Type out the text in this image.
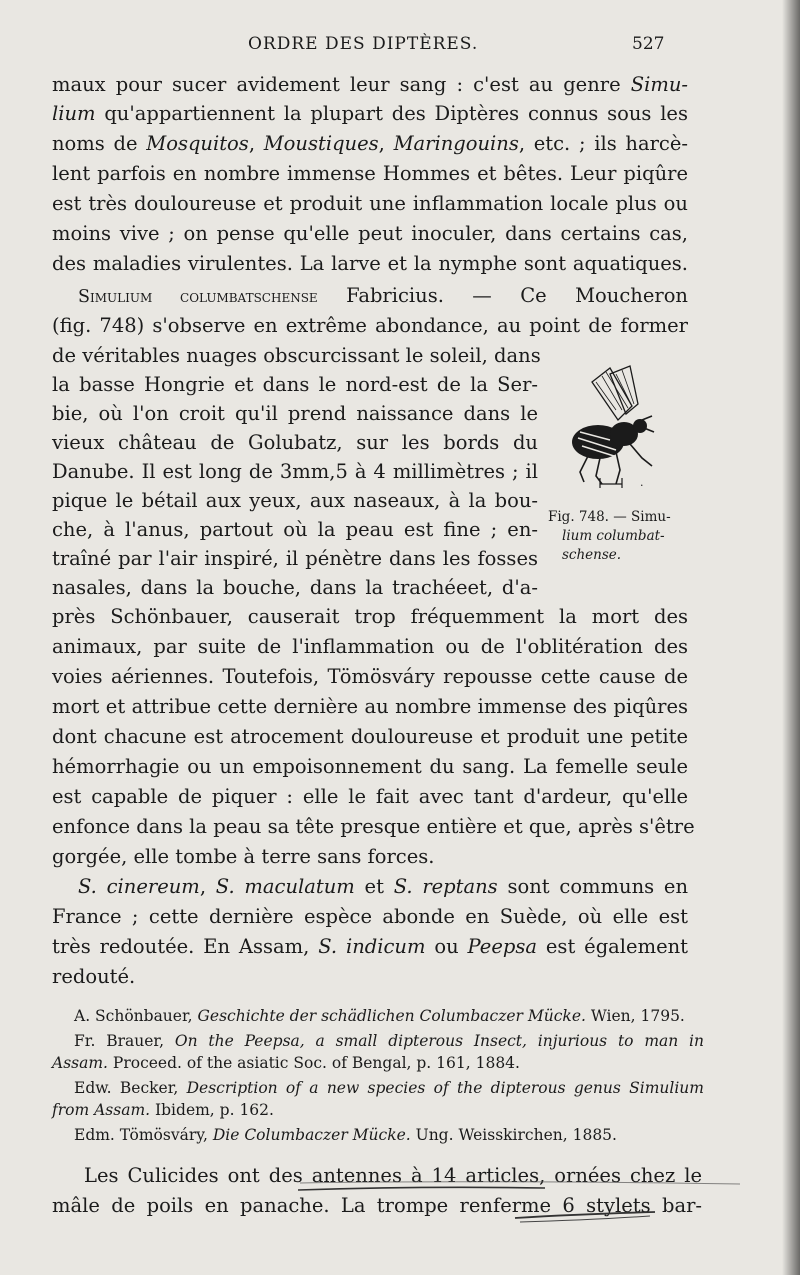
ORDRE DES DIPTÈRES.	527
maux pour sucer avidement leur sang : c'est au genre Simu-
lium qu'appartiennent la plupart des Diptères connus sous les
noms de Mosquitos, Moustiques, Maringouins, etc. ; ils harcè-
lent parfois en nombre immense Hommes et bêtes. Leur piqûre
est très douloureuse et produit une inflammation locale plus ou
moins vive ; on pense qu'elle peut inoculer, dans certains cas,
des maladies virulentes. La larve et la nymphe sont aquatiques.
Simulium columbatschense Fabricius. — Ce Moucheron
(fig. 748) s'observe en extrême abondance, au point de former
de véritables nuages obscurcissant le soleil, dans
la basse Hongrie et dans le nord-est de la Ser-
bie, où l'on croit qu'il prend naissance dans le
vieux château de Golubatz, sur les bords du
Danube. Il est long de 3mm,5 à 4 millimètres ; il
pique le bétail aux yeux, aux naseaux, à la bou-
che, à l'anus, partout où la peau est fine ; en-
traîné par l'air inspiré, il pénètre dans les fosses
nasales, dans la bouche, dans la trachéeet, d'a-
près Schönbauer, causerait trop fréquemment la mort des
animaux, par suite de l'inflammation ou de l'oblitération des
voies aériennes. Toutefois, Tömösváry repousse cette cause de
mort et attribue cette dernière au nombre immense des piqûres
dont chacune est atrocement douloureuse et produit une petite
hémorrhagie ou un empoisonnement du sang. La femelle seule
est capable de piquer : elle le fait avec tant d'ardeur, qu'elle
enfonce dans la peau sa tête presque entière et que, après s'être
gorgée, elle tombe à terre sans forces.
.
Fig. 748. — Simu-
lium columbat-
schense.
S. cinereum, S. maculatum et S. reptans sont communs en
France ; cette dernière espèce abonde en Suède, où elle est
très redoutée. En Assam, S. indicum ou Peepsa est également
redouté.
A. Schönbauer, Geschichte der schädlichen Columbaczer Mücke. Wien, 1795.
Fr. Brauer, On the Peepsa, a small dipterous Insect, injurious to man in
Assam. Proceed. of the asiatic Soc. of Bengal, p. 161, 1884.
Edw. Becker, Description of a new species of the dipterous genus Simulium
from Assam. Ibidem, p. 162.
Edm. Tömösváry, Die Columbaczer Mücke. Ung. Weisskirchen, 1885.
Les Culicides ont des antennes à 14 articles, ornées chez le
mâle de poils en panache. La trompe renferme 6 stylets bar-
